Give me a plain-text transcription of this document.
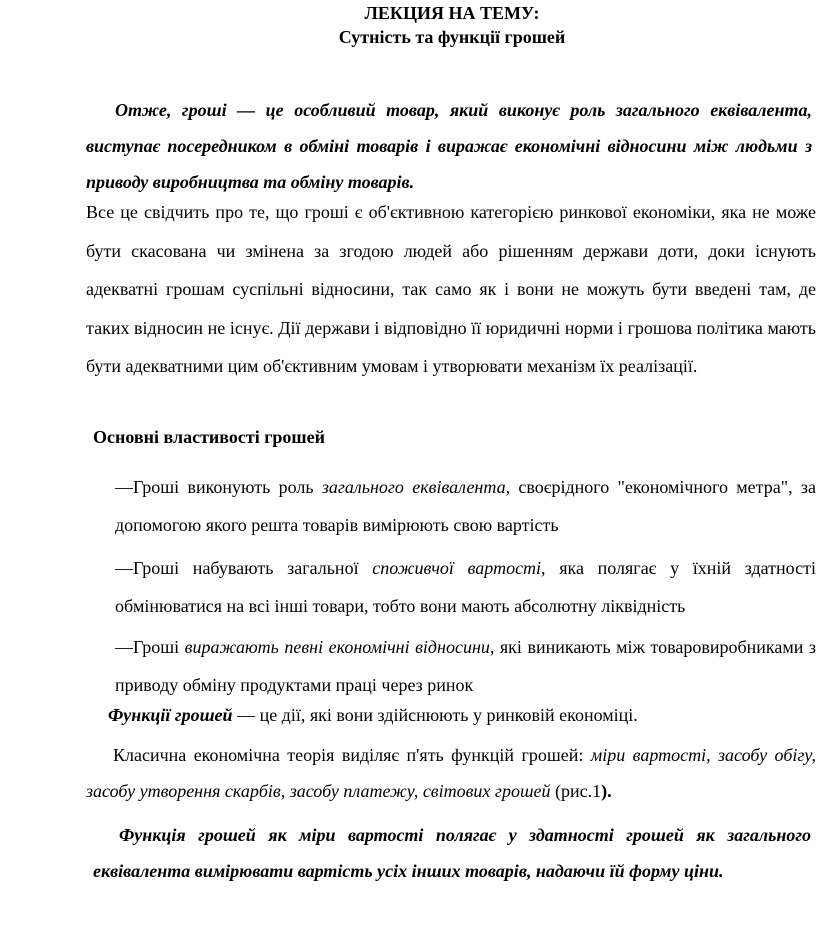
ЛЕКЦИЯ НА ТЕМУ:
Сутність та функції грошей
Отже, гроші — це особливий товар, який виконує роль загального еквівалента, виступає посередником в обміні товарів і виражає економічні відносини між людьми з приводу виробництва та обміну товарів.
Все це свідчить про те, що гроші є об'єктивною категорією ринкової економіки, яка не може бути скасована чи змінена за згодою людей або рішенням держави доти, доки існують адекватні грошам суспільні відносини, так само як і вони не можуть бути введені там, де таких відносин не існує. Дії держави і відповідно її юридичні норми і грошова політика мають бути адекватними цим об'єктивним умовам і утворювати механізм їх реалізації.
Основні властивості грошей
—Гроші виконують роль загального еквівалента, своєрідного "економічного метра", за допомогою якого решта товарів вимірюють свою вартість
—Гроші набувають загальної споживчої вартості, яка полягає у їхній здатності обмінюватися на всі інші товари, тобто вони мають абсолютну ліквідність
—Гроші виражають певні економічні відносини, які виникають між товаровиробниками з приводу обміну продуктами праці через ринок
Функції грошей — це дії, які вони здійснюють у ринковій економіці.
Класична економічна теорія виділяє п'ять функцій грошей: міри вартості, засобу обігу, засобу утворення скарбів, засобу платежу, світових грошей (рис.1).
Функція грошей як міри вартості полягає у здатності грошей як загального еквівалента вимірювати вартість усіх інших товарів, надаючи їй форму ціни.
